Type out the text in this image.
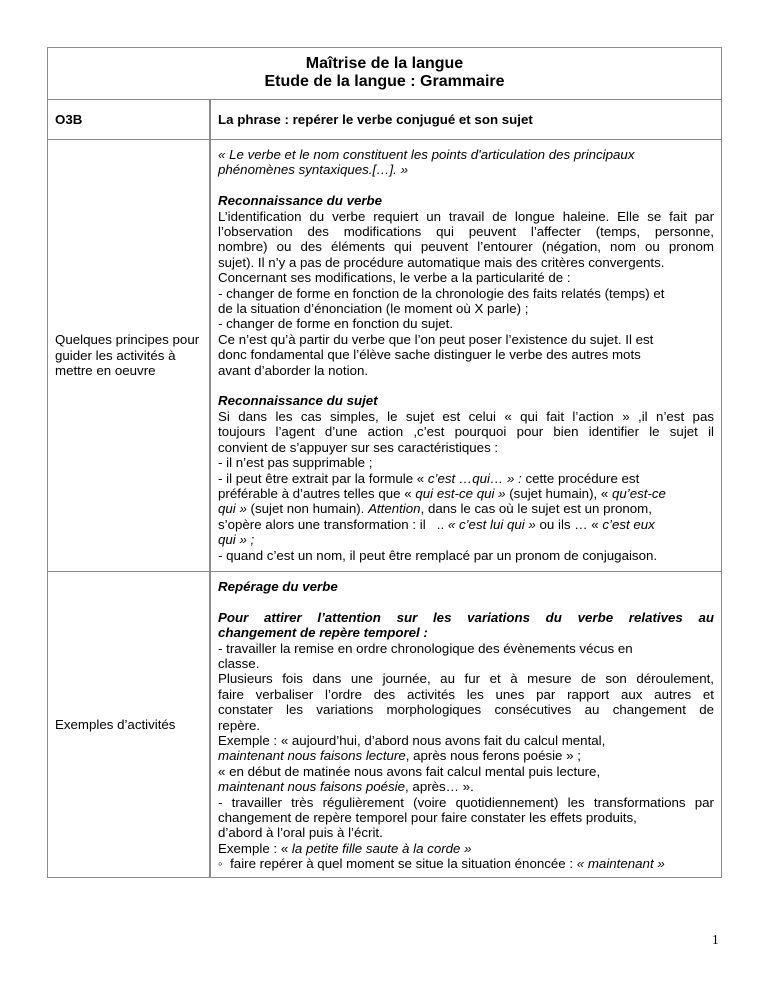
Maîtrise de la langue
Etude de la langue : Grammaire
O3B	La phrase : repérer le verbe conjugué et son sujet
Quelques principes pour guider les activités à mettre en oeuvre
« Le verbe et le nom constituent les points d'articulation des principaux
phénomènes syntaxiques.[…]. »
Reconnaissance du verbe
L’identification du verbe requiert un travail de longue haleine. Elle se fait par
l’observation des modifications qui peuvent l’affecter (temps, personne,
nombre) ou des éléments qui peuvent l’entourer (négation, nom ou pronom
sujet). Il n’y a pas de procédure automatique mais des critères convergents.
Concernant ses modifications, le verbe a la particularité de :
- changer de forme en fonction de la chronologie des faits relatés (temps) et
de la situation d’énonciation (le moment où X parle) ;
- changer de forme en fonction du sujet.
Ce n’est qu’à partir du verbe que l’on peut poser l’existence du sujet. Il est
donc fondamental que l’élève sache distinguer le verbe des autres mots
avant d’aborder la notion.
Reconnaissance du sujet
Si dans les cas simples, le sujet est celui « qui fait l’action » ,il n’est pas
toujours l’agent d’une action ,c’est pourquoi pour bien identifier le sujet il
convient de s’appuyer sur ses caractéristiques :
- il n’est pas supprimable ;
- il peut être extrait par la formule « c’est …qui… » : cette procédure est
préférable à d’autres telles que « qui est-ce qui » (sujet humain), « qu’est-ce
qui » (sujet non humain). Attention, dans le cas où le sujet est un pronom,
s’opère alors une transformation : il   .. « c’est lui qui » ou ils … « c’est eux
qui » ;
- quand c’est un nom, il peut être remplacé par un pronom de conjugaison.
Exemples d’activités
Repérage du verbe
Pour attirer l’attention sur les variations du verbe relatives au
changement de repère temporel :
- travailler la remise en ordre chronologique des évènements vécus en
classe.
Plusieurs fois dans une journée, au fur et à mesure de son déroulement,
faire verbaliser l’ordre des activités les unes par rapport aux autres et
constater les variations morphologiques consécutives au changement de
repère.
Exemple : « aujourd’hui, d’abord nous avons fait du calcul mental,
maintenant nous faisons lecture, après nous ferons poésie » ;
« en début de matinée nous avons fait calcul mental puis lecture,
maintenant nous faisons poésie, après… ».
- travailler très régulièrement (voire quotidiennement) les transformations par
changement de repère temporel pour faire constater les effets produits,
d’abord à l’oral puis à l’écrit.
Exemple : « la petite fille saute à la corde »
◦  faire repérer à quel moment se situe la situation énoncée : « maintenant »
1
